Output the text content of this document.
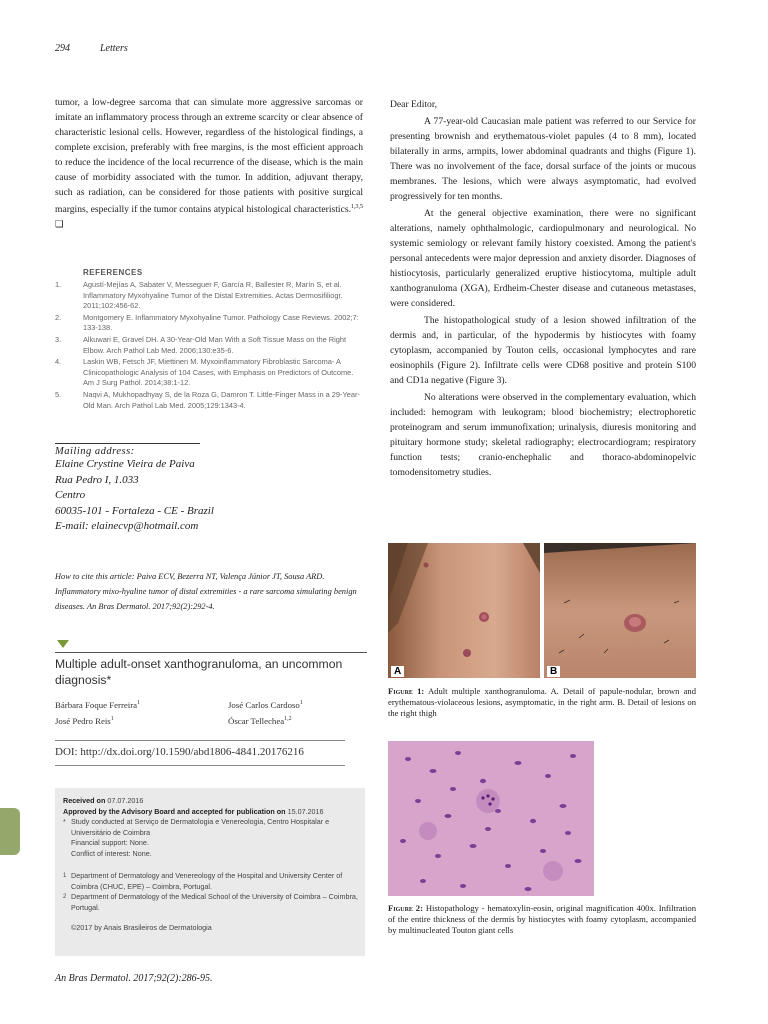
294	Letters

tumor, a low-degree sarcoma that can simulate more aggressive sarcomas or imitate an inflammatory process through an extreme scarcity or clear absence of characteristic lesional cells. However, regardless of the histological findings, a complete excision, preferably with free margins, is the most efficient approach to reduce the incidence of the local recurrence of the disease, which is the main cause of morbidity associated with the tumor. In addition, adjuvant therapy, such as radiation, can be considered for those patients with positive surgical margins, especially if the tumor contains atypical histological characteristics.$^{1,3,5}$ ❑

REFERENCES
1.	Agustí-Mejías A, Sabater V, Messeguer F, García R, Ballester R, Marín S, et al. Inflammatory Myxohyaline Tumor of the Distal Extremities. Actas Dermosifiliogr. 2011;102:456-62.
2.	Montgomery E. Inflammatory Myxohyaline Tumor. Pathology Case Reviews. 2002;7: 133-138.
3.	Alkuwari E, Gravel DH. A 30-Year-Old Man With a Soft Tissue Mass on the Right Elbow. Arch Pathol Lab Med. 2006;130:e35-6.
4.	Laskin WB, Fetsch JF, Miettinen M. Myxoinflammatory Fibroblastic Sarcoma- A Clinicopathologic Analysis of 104 Cases, with Emphasis on Predictors of Outcome. Am J Surg Pathol. 2014;38:1-12.
5.	Naqvi A, Mukhopadhyay S, de la Roza G, Damron T. Little-Finger Mass in a 29-Year-Old Man. Arch Pathol Lab Med. 2005;129:1343-4.
Mailing address:
Elaine Crystine Vieira de Paiva
Rua Pedro I, 1.033
Centro
60035-101 - Fortaleza - CE - Brazil
E-mail: elainecvp@hotmail.com
How to cite this article: Paiva ECV, Bezerra NT, Valença Júnior JT, Sousa ARD. Inflammatory mixo-hyaline tumor of distal extremities - a rare sarcoma simulating benign diseases. An Bras Dermatol. 2017;92(2):292-4.
Multiple adult-onset xanthogranuloma, an uncommon diagnosis*
Bárbara Foque Ferreira$^1$	José Carlos Cardoso$^1$
José Pedro Reis$^1$	Óscar Tellechea$^{1,2}$
DOI: http://dx.doi.org/10.1590/abd1806-4841.20176216
Received on 07.07.2016
Approved by the Advisory Board and accepted for publication on 15.07.2016
* Study conducted at Serviço de Dermatologia e Venereologia, Centro Hospitalar e Universitário de Coimbra
Financial support: None.
Conflict of interest: None.
1 Department of Dermatology and Venereology of the Hospital and University Center of Coimbra (CHUC, EPE) – Coimbra, Portugal.
2 Department of Dermatology of the Medical School of the University of Coimbra – Coimbra, Portugal.
©2017 by Anais Brasileiros de Dermatologia

Dear Editor,

A 77-year-old Caucasian male patient was referred to our Service for presenting brownish and erythematous-violet papules (4 to 8 mm), located bilaterally in arms, armpits, lower abdominal quadrants and thighs (Figure 1). There was no involvement of the face, dorsal surface of the joints or mucous membranes. The lesions, which were always asymptomatic, had evolved progressively for ten months.

At the general objective examination, there were no significant alterations, namely ophthalmologic, cardiopulmonary and neurological. No systemic semiology or relevant family history coexisted. Among the patient's personal antecedents were major depression and anxiety disorder. Diagnoses of histiocytosis, particularly generalized eruptive histiocytoma, multiple adult xanthogranuloma (XGA), Erdheim-Chester disease and cutaneous metastases, were considered.

The histopathological study of a lesion showed infiltration of the dermis and, in particular, of the hypodermis by histiocytes with foamy cytoplasm, accompanied by Touton cells, occasional lymphocytes and rare eosinophils (Figure 2). Infiltrate cells were CD68 positive and protein S100 and CD1a negative (Figure 3).

No alterations were observed in the complementary evaluation, which included: hemogram with leukogram; blood biochemistry; electrophoretic proteinogram and serum immunofixation; urinalysis, diuresis monitoring and pituitary hormone study; skeletal radiography; electrocardiogram; respiratory function tests; cranio-enchephalic and thoraco-abdominopelvic tomodensitometry studies.

A	B
Figure 1: Adult multiple xanthogranuloma. A. Detail of papule-nodular, brown and erythematous-violaceous lesions, asymptomatic, in the right arm. B. Detail of lesions on the right thigh
Figure 2: Histopathology - hematoxylin-eosin, original magnification 400x. Infiltration of the entire thickness of the dermis by histiocytes with foamy cytoplasm, accompanied by multinucleated Touton giant cells
An Bras Dermatol. 2017;92(2):286-95.
